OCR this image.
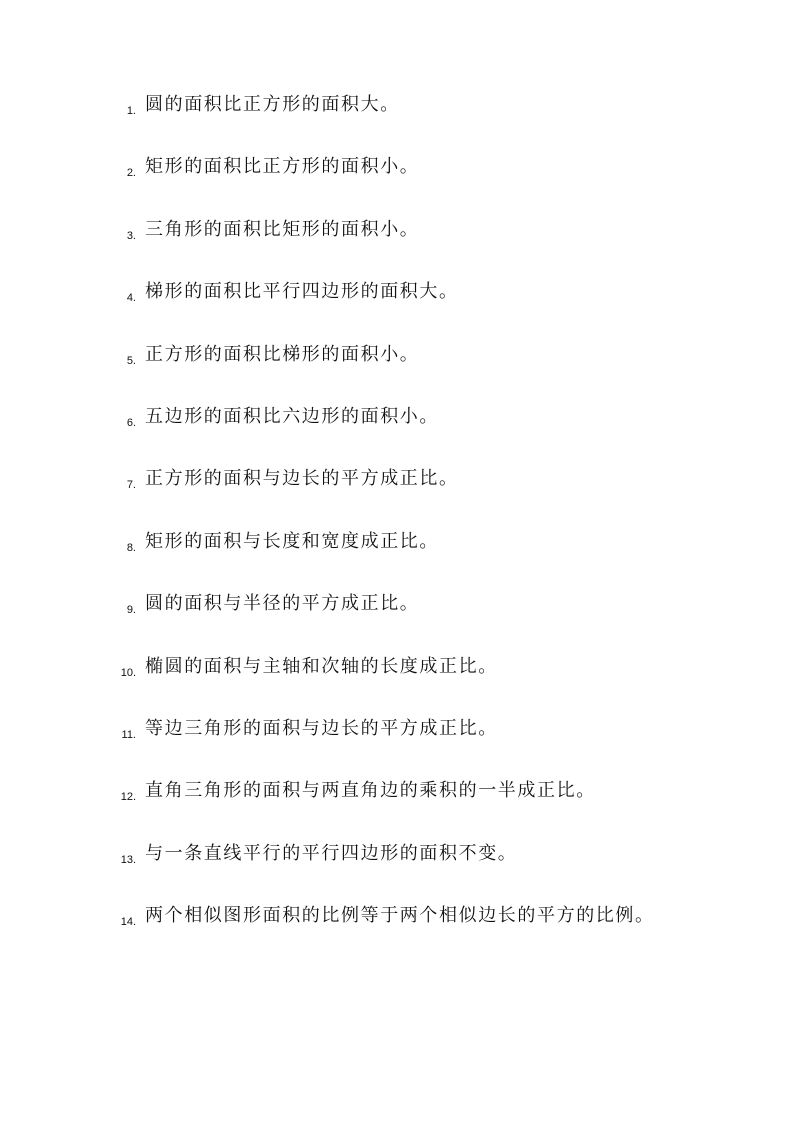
1. 圆的面积比正方形的面积大。
2. 矩形的面积比正方形的面积小。
3. 三角形的面积比矩形的面积小。
4. 梯形的面积比平行四边形的面积大。
5. 正方形的面积比梯形的面积小。
6. 五边形的面积比六边形的面积小。
7. 正方形的面积与边长的平方成正比。
8. 矩形的面积与长度和宽度成正比。
9. 圆的面积与半径的平方成正比。
10. 椭圆的面积与主轴和次轴的长度成正比。
11. 等边三角形的面积与边长的平方成正比。
12. 直角三角形的面积与两直角边的乘积的一半成正比。
13. 与一条直线平行的平行四边形的面积不变。
14. 两个相似图形面积的比例等于两个相似边长的平方的比例。
